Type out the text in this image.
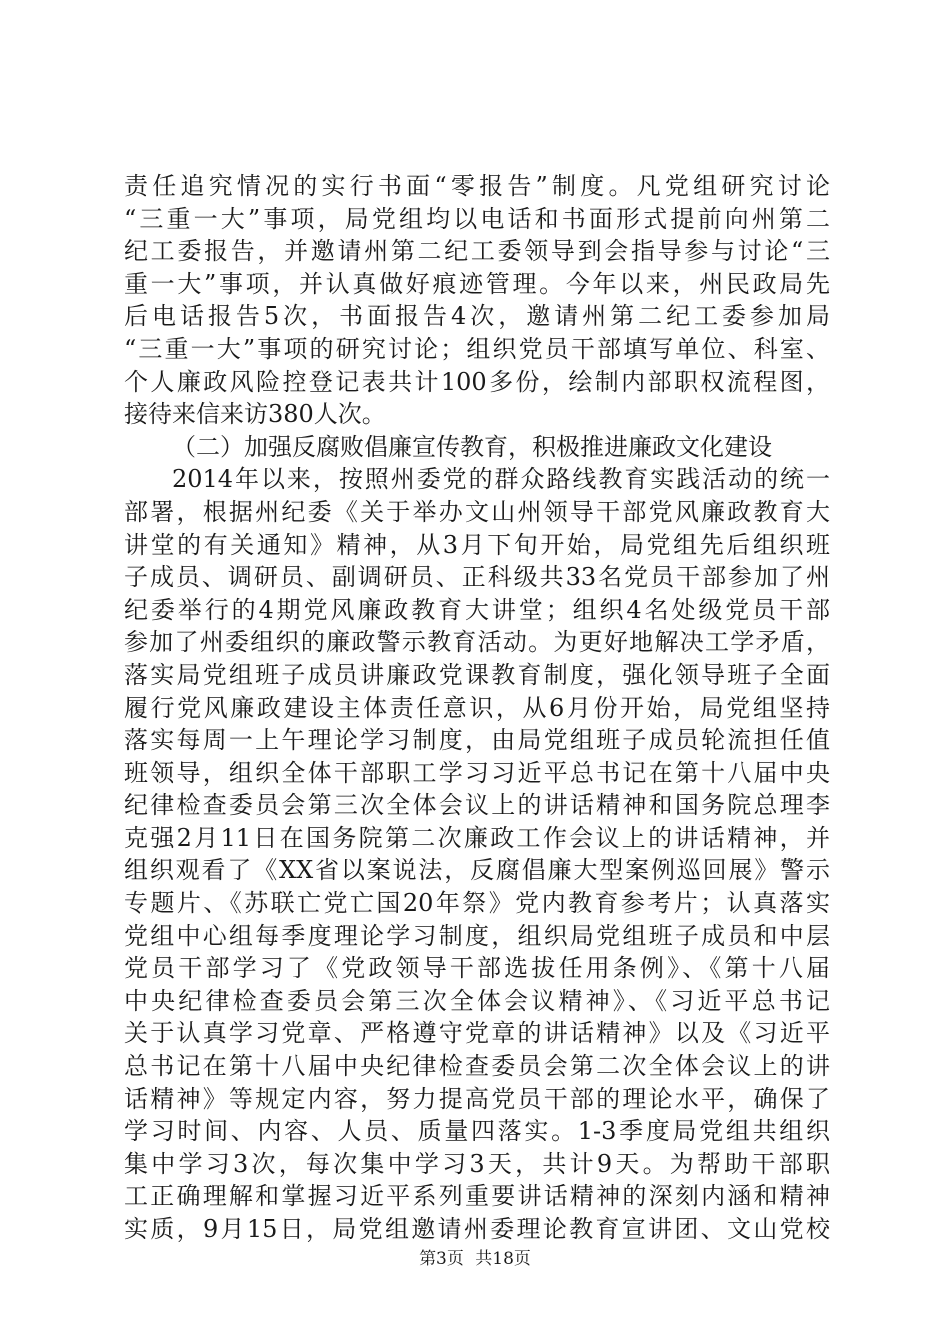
责任追究情况的实行书面“零报告”制度。凡党组研究讨论
“三重一大”事项，局党组均以电话和书面形式提前向州第二
纪工委报告，并邀请州第二纪工委领导到会指导参与讨论“三
重一大”事项，并认真做好痕迹管理。今年以来，州民政局先
后电话报告5次，书面报告4次，邀请州第二纪工委参加局
“三重一大”事项的研究讨论；组织党员干部填写单位、科室、
个人廉政风险控登记表共计100多份，绘制内部职权流程图，
接待来信来访380人次。
（二）加强反腐败倡廉宣传教育，积极推进廉政文化建设
2014年以来，按照州委党的群众路线教育实践活动的统一
部署，根据州纪委《关于举办文山州领导干部党风廉政教育大
讲堂的有关通知》精神，从3月下旬开始，局党组先后组织班
子成员、调研员、副调研员、正科级共33名党员干部参加了州
纪委举行的4期党风廉政教育大讲堂；组织4名处级党员干部
参加了州委组织的廉政警示教育活动。为更好地解决工学矛盾，
落实局党组班子成员讲廉政党课教育制度，强化领导班子全面
履行党风廉政建设主体责任意识，从6月份开始，局党组坚持
落实每周一上午理论学习制度，由局党组班子成员轮流担任值
班领导，组织全体干部职工学习习近平总书记在第十八届中央
纪律检查委员会第三次全体会议上的讲话精神和国务院总理李
克强2月11日在国务院第二次廉政工作会议上的讲话精神，并
组织观看了《XX省以案说法，反腐倡廉大型案例巡回展》警示
专题片、《苏联亡党亡国20年祭》党内教育参考片；认真落实
党组中心组每季度理论学习制度，组织局党组班子成员和中层
党员干部学习了《党政领导干部选拔任用条例》、《第十八届
中央纪律检查委员会第三次全体会议精神》、《习近平总书记
关于认真学习党章、严格遵守党章的讲话精神》以及《习近平
总书记在第十八届中央纪律检查委员会第二次全体会议上的讲
话精神》等规定内容，努力提高党员干部的理论水平，确保了
学习时间、内容、人员、质量四落实。1-3季度局党组共组织
集中学习3次，每次集中学习3天，共计9天。为帮助干部职
工正确理解和掌握习近平系列重要讲话精神的深刻内涵和精神
实质，9月15日，局党组邀请州委理论教育宣讲团、文山党校
第3页 共18页
